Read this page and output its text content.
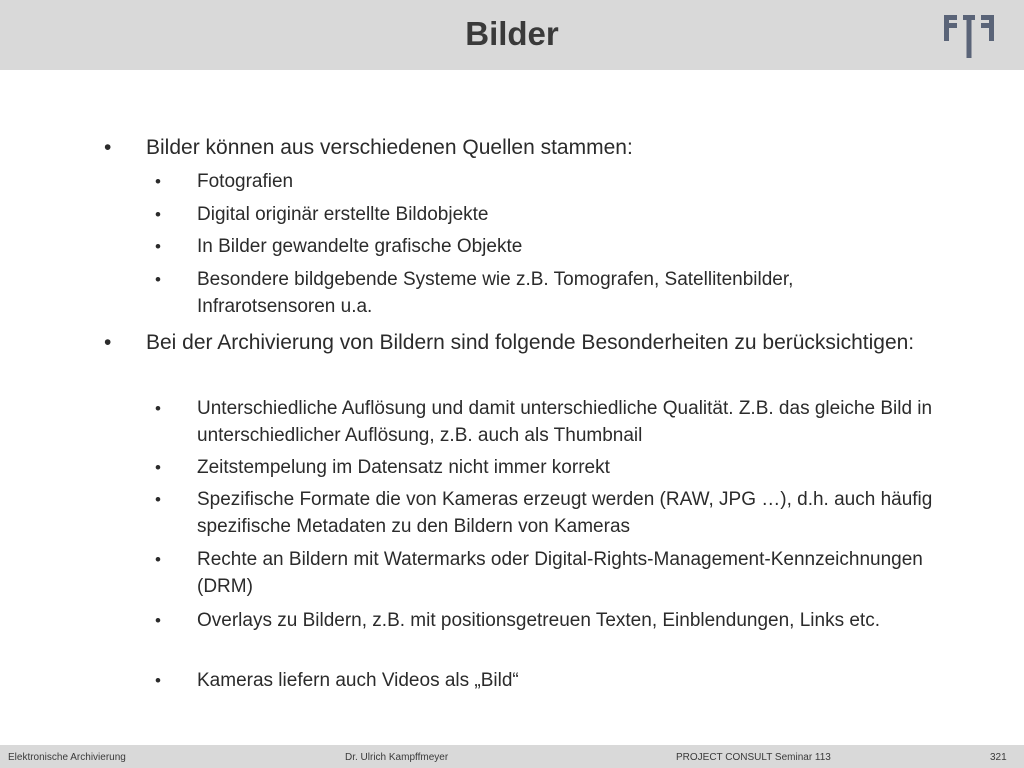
Bilder
• Bilder können aus verschiedenen Quellen stammen:
• Fotografien
• Digital originär erstellte Bildobjekte
• In Bilder gewandelte grafische Objekte
• Besondere bildgebende Systeme wie z.B. Tomografen, Satellitenbilder, Infrarotsensoren u.a.
• Bei der Archivierung von Bildern sind folgende Besonderheiten zu berücksichtigen:
• Unterschiedliche Auflösung und damit unterschiedliche Qualität. Z.B. das gleiche Bild in unterschiedlicher Auflösung, z.B. auch als Thumbnail
• Zeitstempelung im Datensatz nicht immer korrekt
• Spezifische Formate die von Kameras erzeugt werden (RAW, JPG …), d.h. auch häufig spezifische Metadaten zu den Bildern von Kameras
• Rechte an Bildern mit Watermarks oder Digital-Rights-Management-Kennzeichnungen (DRM)
• Overlays zu Bildern, z.B. mit positionsgetreuen Texten, Einblendungen, Links etc.
• Kameras liefern auch Videos als „Bild“
Elektronische Archivierung	Dr. Ulrich Kampffmeyer	PROJECT CONSULT Seminar 113	321
